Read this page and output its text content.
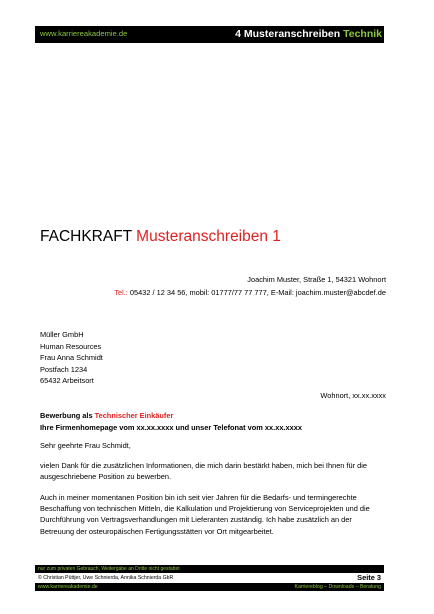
www.karriereakademie.de	4 Musteranschreiben Technik
FACHKRAFT Musteranschreiben 1
Joachim Muster, Straße 1, 54321 Wohnort
Tel.: 05432 / 12 34 56, mobil: 01777/77 77 777, E-Mail: joachim.muster@abcdef.de
Müller GmbH
Human Resources
Frau Anna Schmidt
Postfach 1234
65432 Arbeitsort
Wohnort, xx.xx.xxxx
Bewerbung als Technischer Einkäufer
Ihre Firmenhomepage vom xx.xx.xxxx und unser Telefonat vom xx.xx.xxxx
Sehr geehrte Frau Schmidt,
vielen Dank für die zusätzlichen Informationen, die mich darin bestärkt haben, mich bei Ihnen für die ausgeschriebene Position zu bewerben.
Auch in meiner momentanen Position bin ich seit vier Jahren für die Bedarfs- und termingerechte Beschaffung von technischen Mitteln, die Kalkulation und Projektierung von Serviceprojekten und die Durchführung von Vertragsverhandlungen mit Lieferanten zuständig. Ich habe zusätzlich an der Betreuung der osteuropäischen Fertigungsstätten vor Ort mitgearbeitet.
nur zum privaten Gebrauch, Weitergabe an Dritte nicht gestattet
© Christian Püttjer, Uwe Schnierda, Annika Schnierda GbR	Seite 3
www.karriereakademie.de	Karriereblog – Downloads – Beratung
